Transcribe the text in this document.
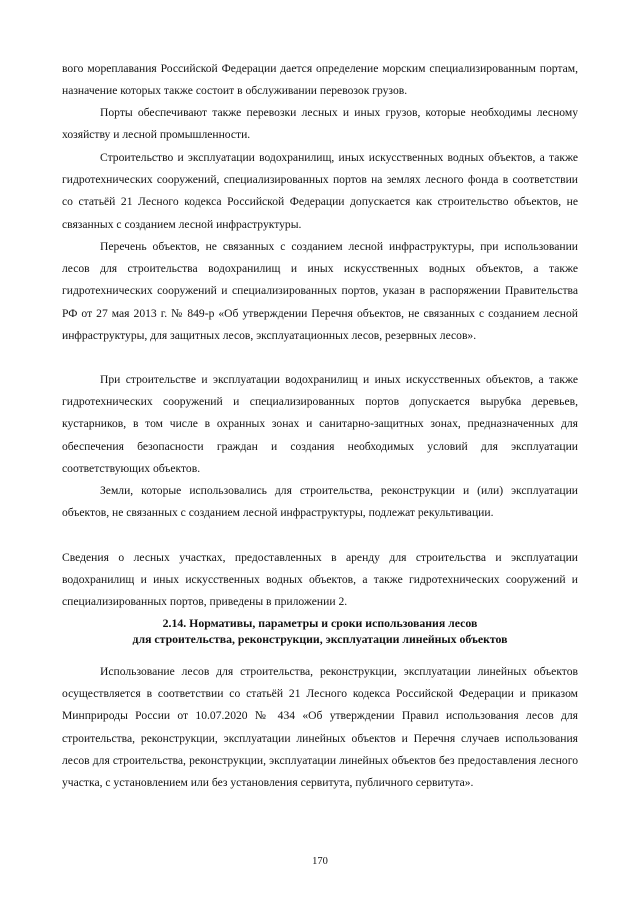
вого мореплавания Российской Федерации дается определение морским специализированным портам, назначение которых также состоит в обслуживании перевозок грузов.

Порты обеспечивают также перевозки лесных и иных грузов, которые необходимы лесному хозяйству и лесной промышленности.

Строительство и эксплуатации водохранилищ, иных искусственных водных объектов, а также гидротехнических сооружений, специализированных портов на землях лесного фонда в соответствии со статьёй 21 Лесного кодекса Российской Федерации допускается как строительство объектов, не связанных с созданием лесной инфраструктуры.

Перечень объектов, не связанных с созданием лесной инфраструктуры, при использовании лесов для строительства водохранилищ и иных искусственных водных объектов, а также гидротехнических сооружений и специализированных портов, указан в распоряжении Правительства РФ от 27 мая 2013 г. № 849-р «Об утверждении Перечня объектов, не связанных с созданием лесной инфраструктуры, для защитных лесов, эксплуатационных лесов, резервных лесов».

При строительстве и эксплуатации водохранилищ и иных искусственных объектов, а также гидротехнических сооружений и специализированных портов допускается вырубка деревьев, кустарников, в том числе в охранных зонах и санитарно-защитных зонах, предназначенных для обеспечения безопасности граждан и создания необходимых условий для эксплуатации соответствующих объектов.

Земли, которые использовались для строительства, реконструкции и (или) эксплуатации объектов, не связанных с созданием лесной инфраструктуры, подлежат рекультивации.

Сведения о лесных участках, предоставленных в аренду для строительства и эксплуатации водохранилищ и иных искусственных водных объектов, а также гидротехнических сооружений и специализированных портов, приведены в приложении 2.

2.14. Нормативы, параметры и сроки использования лесов

для строительства, реконструкции, эксплуатации линейных объектов

Использование лесов для строительства, реконструкции, эксплуатации линейных объектов осуществляется в соответствии со статьёй 21 Лесного кодекса Российской Федерации и приказом Минприроды России от 10.07.2020 № 434 «Об утверждении Правил использования лесов для строительства, реконструкции, эксплуатации линейных объектов и Перечня случаев использования лесов для строительства, реконструкции, эксплуатации линейных объектов без предоставления лесного участка, с установлением или без установления сервитута, публичного сервитута».

170
